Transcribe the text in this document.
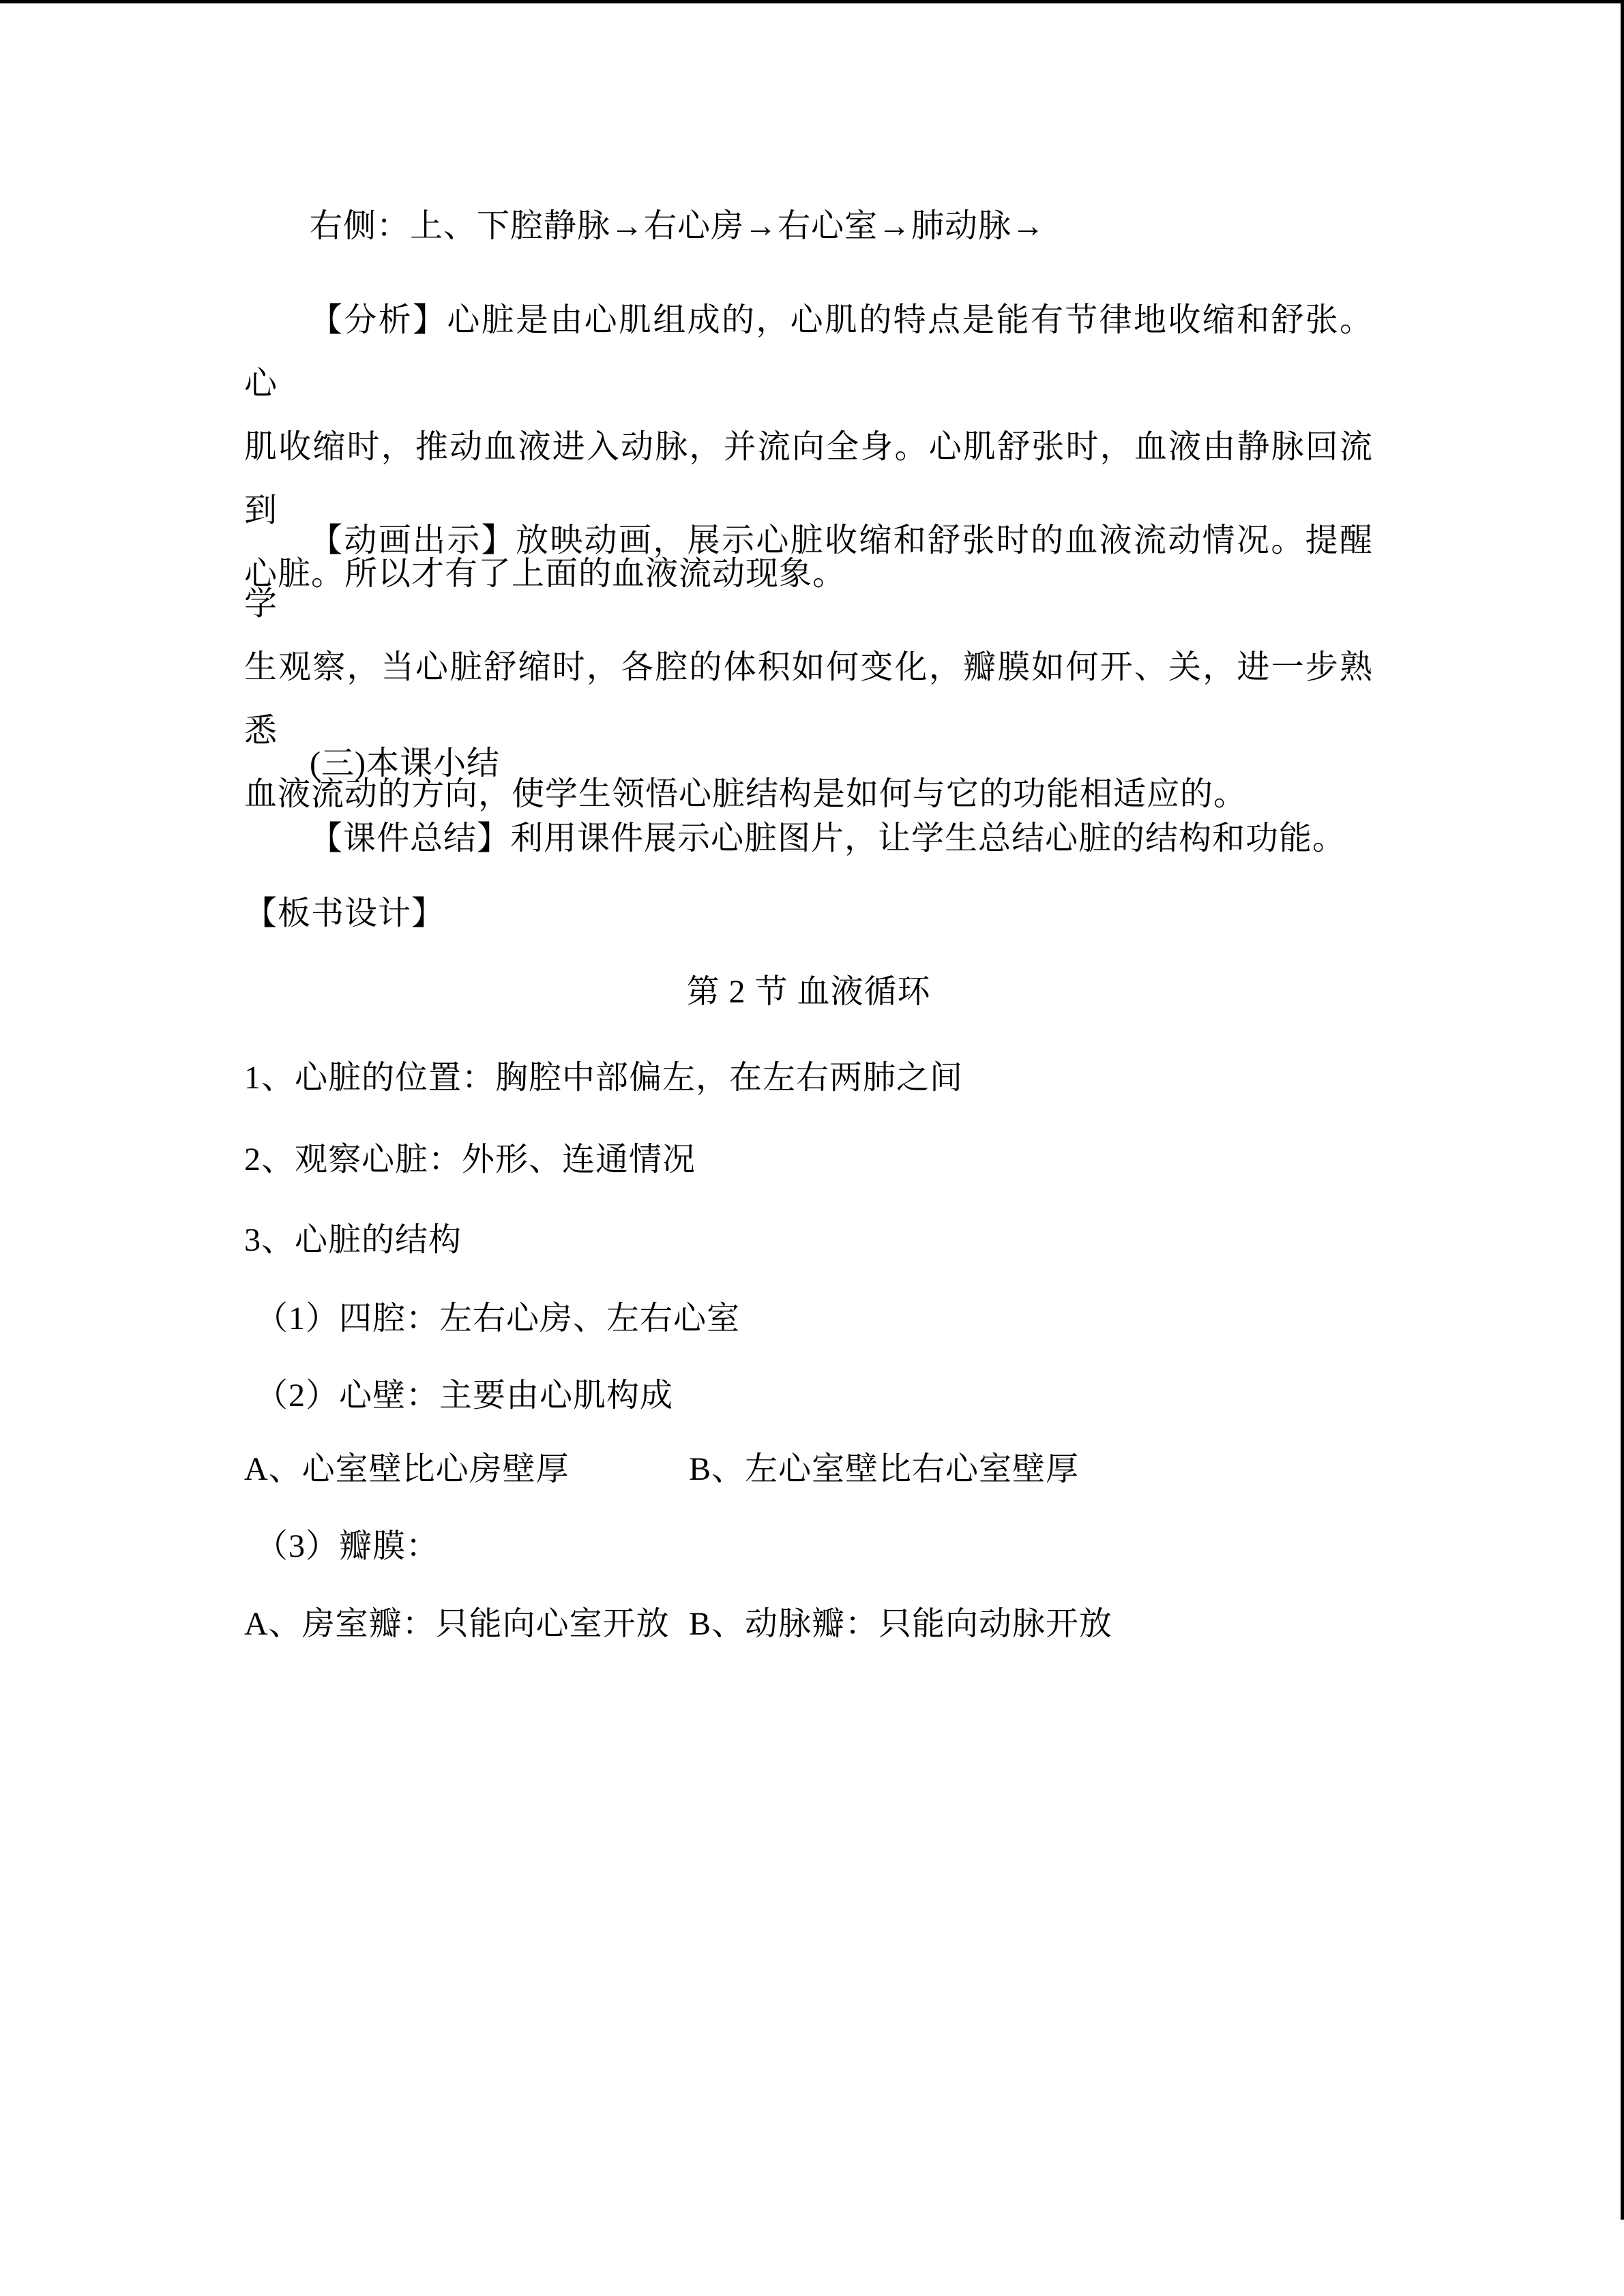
右侧：上、下腔静脉→右心房→右心室→肺动脉→
【分析】心脏是由心肌组成的，心肌的特点是能有节律地收缩和舒张。心
肌收缩时，推动血液进入动脉，并流向全身。心肌舒张时，血液由静脉回流到
心脏。所以才有了上面的血液流动现象。
【动画出示】放映动画，展示心脏收缩和舒张时的血液流动情况。提醒学
生观察，当心脏舒缩时，各腔的体积如何变化，瓣膜如何开、关，进一步熟悉
血液流动的方向，使学生领悟心脏结构是如何与它的功能相适应的。
(三)本课小结
【课件总结】利用课件展示心脏图片，让学生总结心脏的结构和功能。
【板书设计】
第 2 节 血液循环
1、心脏的位置：胸腔中部偏左，在左右两肺之间
2、观察心脏：外形、连通情况
3、心脏的结构
（1）四腔：左右心房、左右心室
（2）心壁：主要由心肌构成
A、心室壁比心房壁厚	B、左心室壁比右心室壁厚
（3）瓣膜：
A、房室瓣：只能向心室开放 B、动脉瓣：只能向动脉开放
